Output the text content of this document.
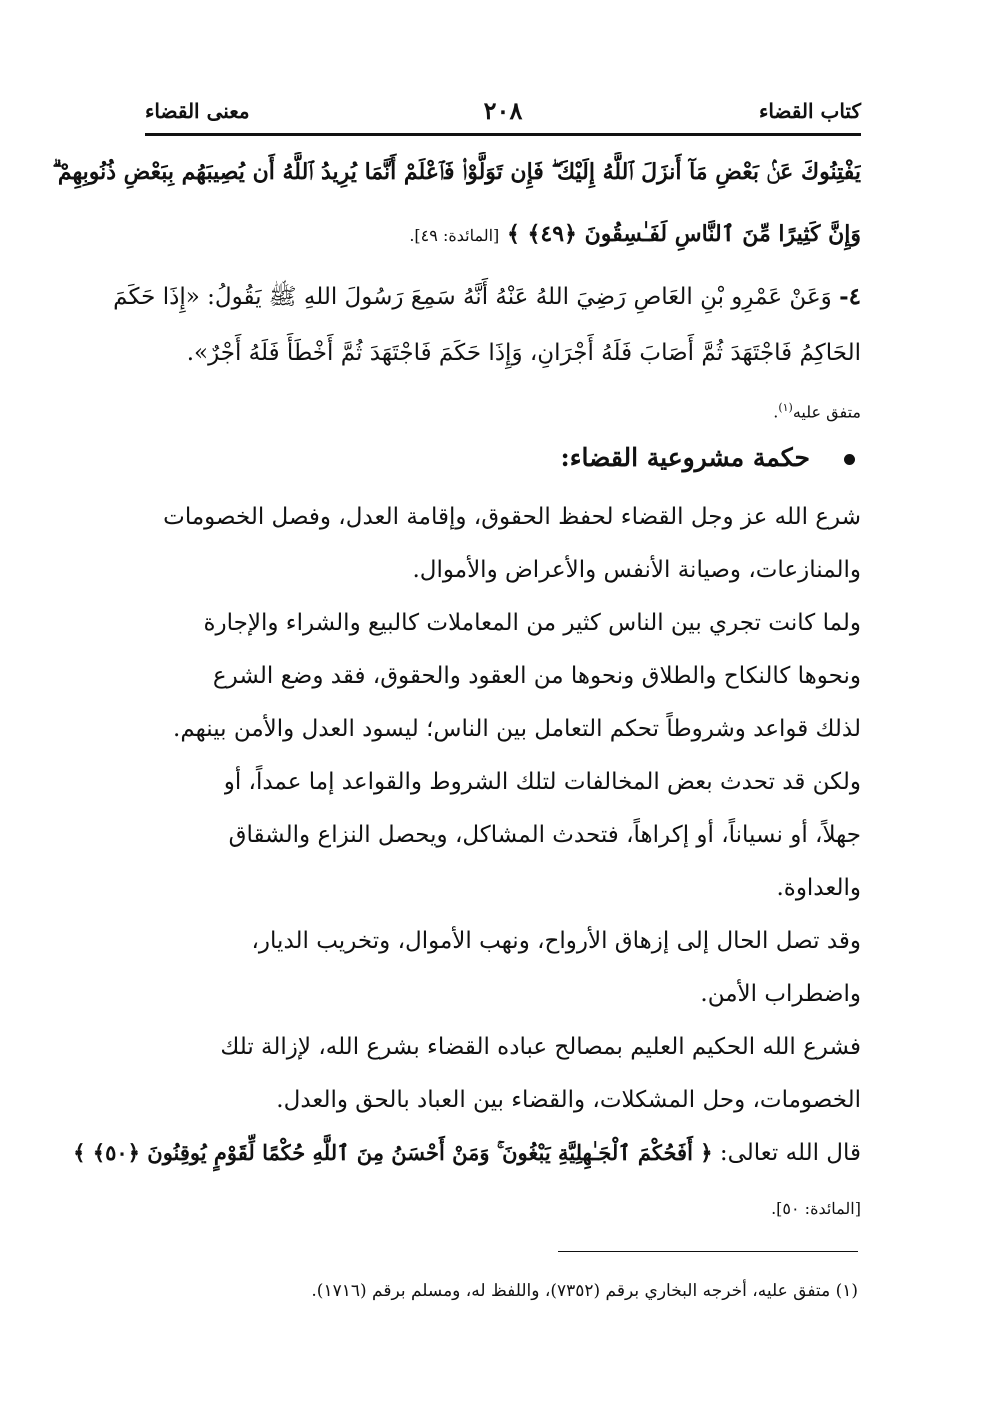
كتاب القضاء
٢٠٨
معنى القضاء
يَفْتِنُوكَ عَنۢ بَعْضِ مَآ أَنزَلَ ٱللَّهُ إِلَيْكَ ۖ فَإِن تَوَلَّوْا۟ فَٱعْلَمْ أَنَّمَا يُرِيدُ ٱللَّهُ أَن يُصِيبَهُم بِبَعْضِ ذُنُوبِهِمْ ۗ
وَإِنَّ كَثِيرًا مِّنَ ٱلنَّاسِ لَفَـٰسِقُونَ ﴿٤٩﴾ ﴾ [المائدة: ٤٩].
٤- وَعَنْ عَمْرِو بْنِ العَاصِ رَضِيَ اللهُ عَنْهُ أَنَّهُ سَمِعَ رَسُولَ اللهِ ﷺ يَقُولُ: «إِذَا حَكَمَ
الحَاكِمُ فَاجْتَهَدَ ثُمَّ أَصَابَ فَلَهُ أَجْرَانِ، وَإِذَا حَكَمَ فَاجْتَهَدَ ثُمَّ أَخْطَأَ فَلَهُ أَجْرٌ».
متفق عليه$^{(١)}$.
حكمة مشروعية القضاء:
شرع الله عز وجل القضاء لحفظ الحقوق، وإقامة العدل، وفصل الخصومات
والمنازعات، وصيانة الأنفس والأعراض والأموال.
ولما كانت تجري بين الناس كثير من المعاملات كالبيع والشراء والإجارة
ونحوها كالنكاح والطلاق ونحوها من العقود والحقوق، فقد وضع الشرع
لذلك قواعد وشروطاً تحكم التعامل بين الناس؛ ليسود العدل والأمن بينهم.
ولكن قد تحدث بعض المخالفات لتلك الشروط والقواعد إما عمداً، أو
جهلاً، أو نسياناً، أو إكراهاً، فتحدث المشاكل، ويحصل النزاع والشقاق
والعداوة.
وقد تصل الحال إلى إزهاق الأرواح، ونهب الأموال، وتخريب الديار،
واضطراب الأمن.
فشرع الله الحكيم العليم بمصالح عباده القضاء بشرع الله، لإزالة تلك
الخصومات، وحل المشكلات، والقضاء بين العباد بالحق والعدل.
قال الله تعالى: ﴿ أَفَحُكْمَ ٱلْجَـٰهِلِيَّةِ يَبْغُونَ ۚ وَمَنْ أَحْسَنُ مِنَ ٱللَّهِ حُكْمًا لِّقَوْمٍ يُوقِنُونَ ﴿٥٠﴾ ﴾
[المائدة: ٥٠].
(١) متفق عليه، أخرجه البخاري برقم (٧٣٥٢)، واللفظ له، ومسلم برقم (١٧١٦).
